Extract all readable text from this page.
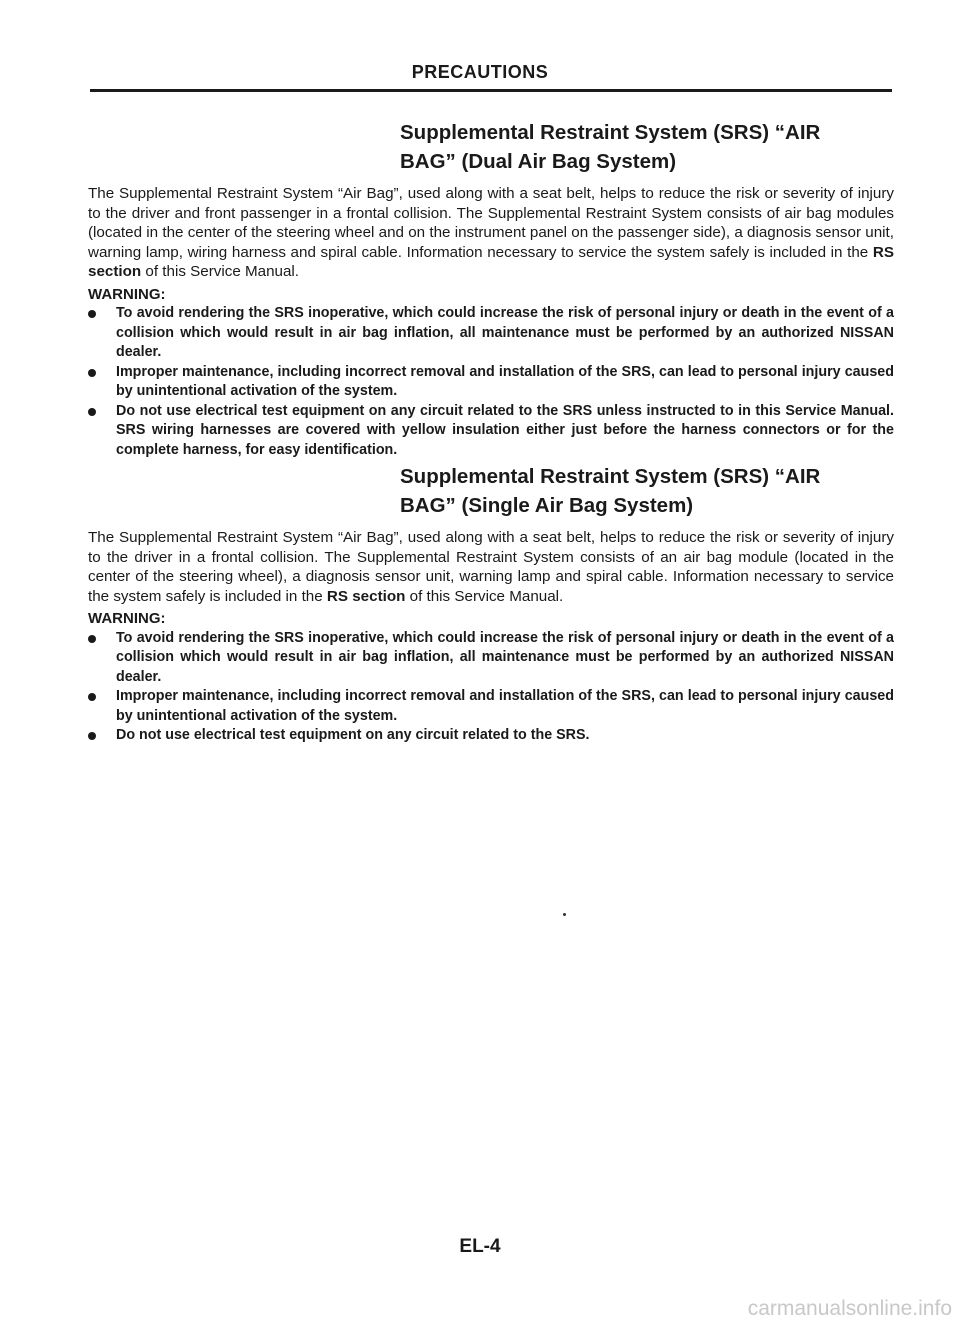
PRECAUTIONS
Supplemental Restraint System (SRS) “AIR
BAG” (Dual Air Bag System)

The Supplemental Restraint System “Air Bag”, used along with a seat belt, helps to reduce the risk or severity of injury to the driver and front passenger in a frontal collision. The Supplemental Restraint System consists of air bag modules (located in the center of the steering wheel and on the instrument panel on the passenger side), a diagnosis sensor unit, warning lamp, wiring harness and spiral cable. Information necessary to service the system safely is included in the RS section of this Service Manual.

WARNING:
To avoid rendering the SRS inoperative, which could increase the risk of personal injury or death in the event of a collision which would result in air bag inflation, all maintenance must be performed by an authorized NISSAN dealer.
Improper maintenance, including incorrect removal and installation of the SRS, can lead to personal injury caused by unintentional activation of the system.
Do not use electrical test equipment on any circuit related to the SRS unless instructed to in this Service Manual. SRS wiring harnesses are covered with yellow insulation either just before the harness connectors or for the complete harness, for easy identification.
Supplemental Restraint System (SRS) “AIR
BAG” (Single Air Bag System)

The Supplemental Restraint System “Air Bag”, used along with a seat belt, helps to reduce the risk or severity of injury to the driver in a frontal collision. The Supplemental Restraint System consists of an air bag module (located in the center of the steering wheel), a diagnosis sensor unit, warning lamp and spiral cable. Information necessary to service the system safely is included in the RS section of this Service Manual.

WARNING:
To avoid rendering the SRS inoperative, which could increase the risk of personal injury or death in the event of a collision which would result in air bag inflation, all maintenance must be performed by an authorized NISSAN dealer.
Improper maintenance, including incorrect removal and installation of the SRS, can lead to personal injury caused by unintentional activation of the system.
Do not use electrical test equipment on any circuit related to the SRS.
EL-4
carmanualsonline.info
